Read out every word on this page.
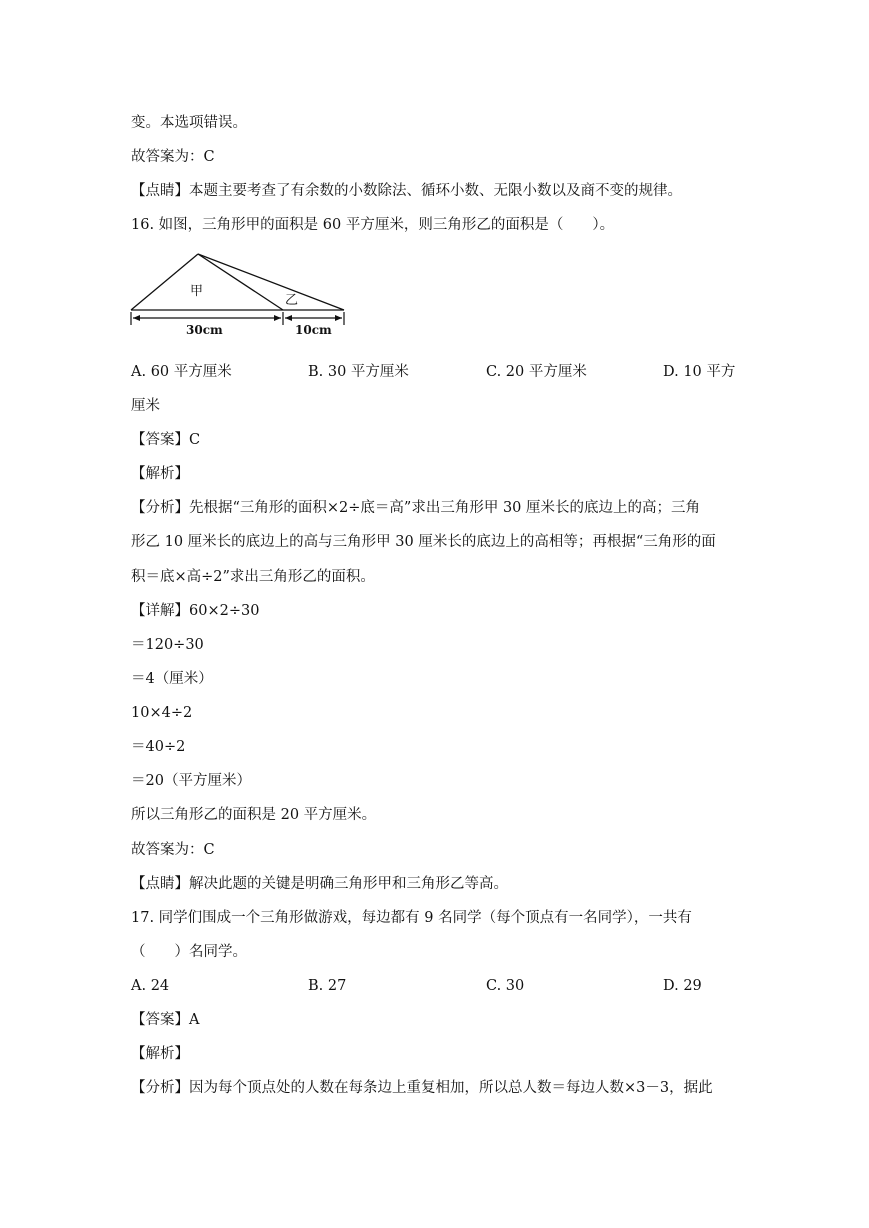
变。本选项错误。
故答案为：C
【点睛】本题主要考查了有余数的小数除法、循环小数、无限小数以及商不变的规律。
16. 如图，三角形甲的面积是 60 平方厘米，则三角形乙的面积是（　　）。
甲
乙
30cm	10cm
A. 60 平方厘米	B. 30 平方厘米	C. 20 平方厘米	D. 10 平方
厘米
【答案】C
【解析】
【分析】先根据“三角形的面积×2÷底＝高”求出三角形甲 30 厘米长的底边上的高；三角
形乙 10 厘米长的底边上的高与三角形甲 30 厘米长的底边上的高相等；再根据“三角形的面
积＝底×高÷2”求出三角形乙的面积。
【详解】60×2÷30
＝120÷30
＝4（厘米）
10×4÷2
＝40÷2
＝20（平方厘米）
所以三角形乙的面积是 20 平方厘米。
故答案为：C
【点睛】解决此题的关键是明确三角形甲和三角形乙等高。
17. 同学们围成一个三角形做游戏，每边都有 9 名同学（每个顶点有一名同学），一共有
（　　）名同学。
A. 24	B. 27	C. 30	D. 29
【答案】A
【解析】
【分析】因为每个顶点处的人数在每条边上重复相加，所以总人数＝每边人数×3－3，据此
